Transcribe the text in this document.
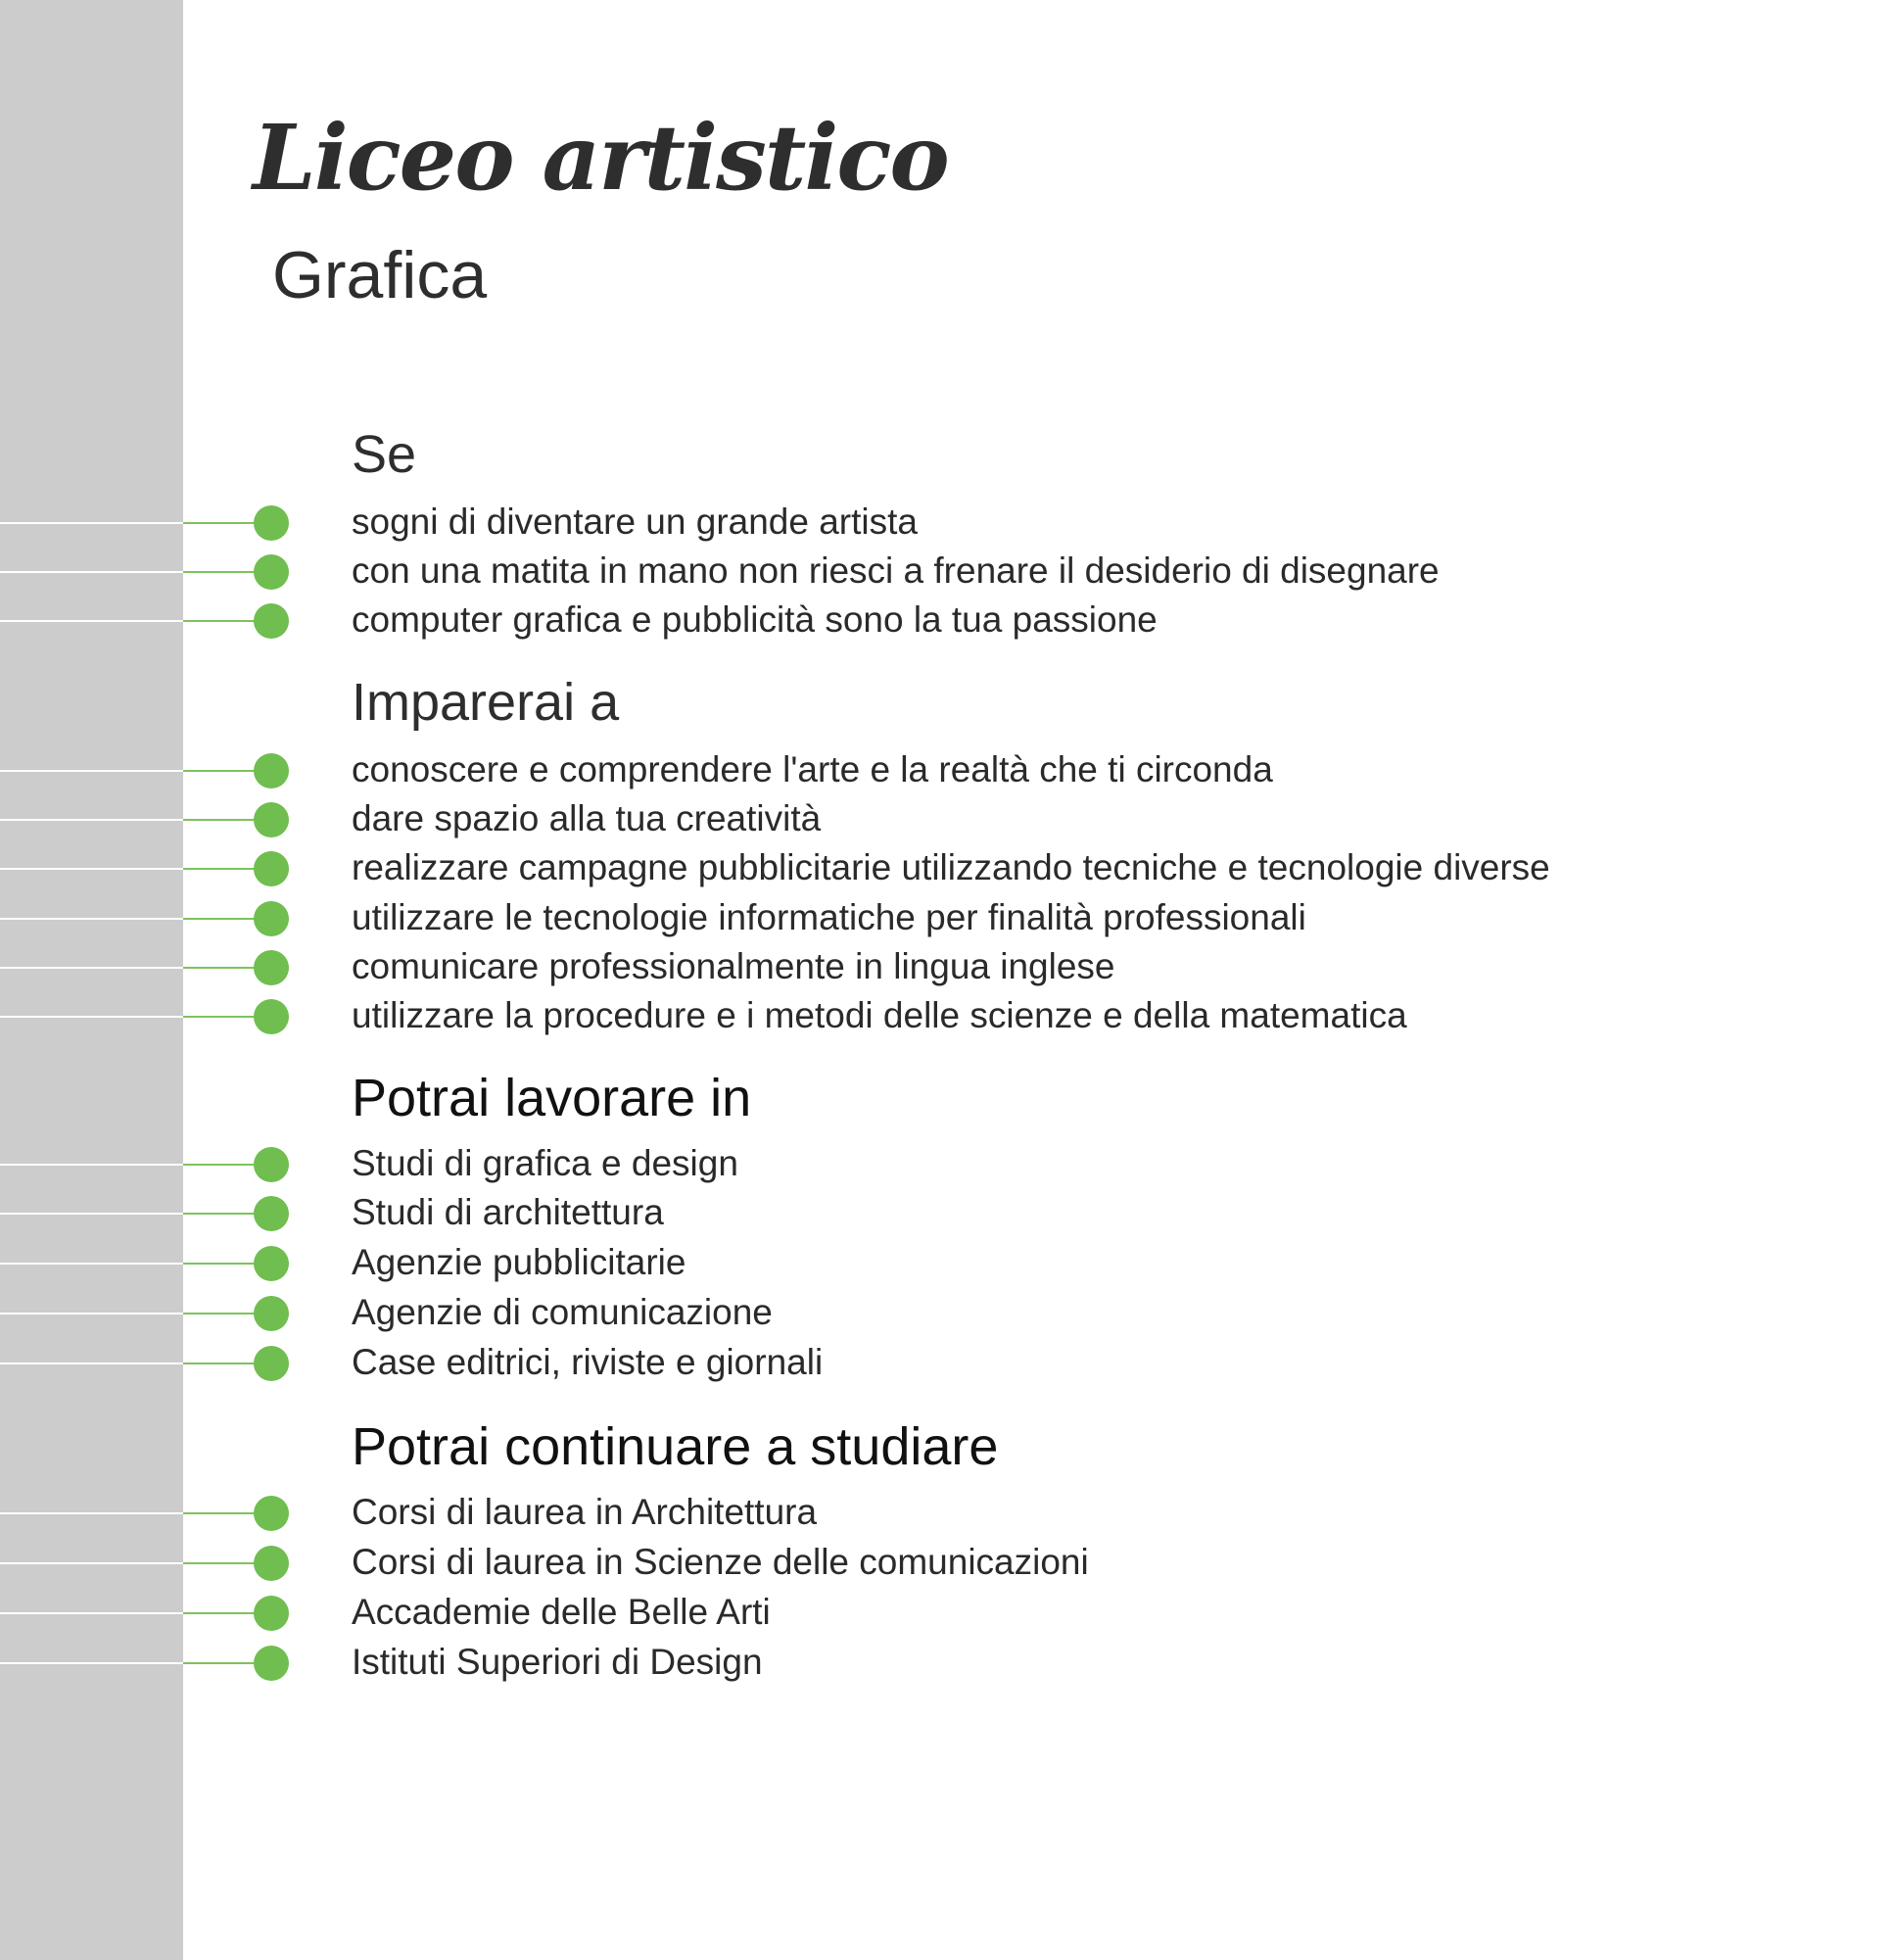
Liceo artistico
Grafica
Se
sogni di diventare un grande artista
con una matita in mano non riesci a frenare il desiderio di disegnare
computer grafica e pubblicità sono la tua passione
Imparerai a
conoscere e comprendere l'arte e la realtà che ti circonda
dare spazio alla tua creatività
realizzare campagne pubblicitarie utilizzando tecniche e tecnologie diverse
utilizzare le tecnologie informatiche per finalità professionali
comunicare professionalmente in lingua inglese
utilizzare la procedure e i metodi delle scienze e della matematica
Potrai lavorare in
Studi di grafica e design
Studi di architettura
Agenzie pubblicitarie
Agenzie di comunicazione
Case editrici, riviste e giornali
Potrai continuare a studiare
Corsi di laurea in Architettura
Corsi di laurea in Scienze delle comunicazioni
Accademie delle Belle Arti
Istituti Superiori di Design
